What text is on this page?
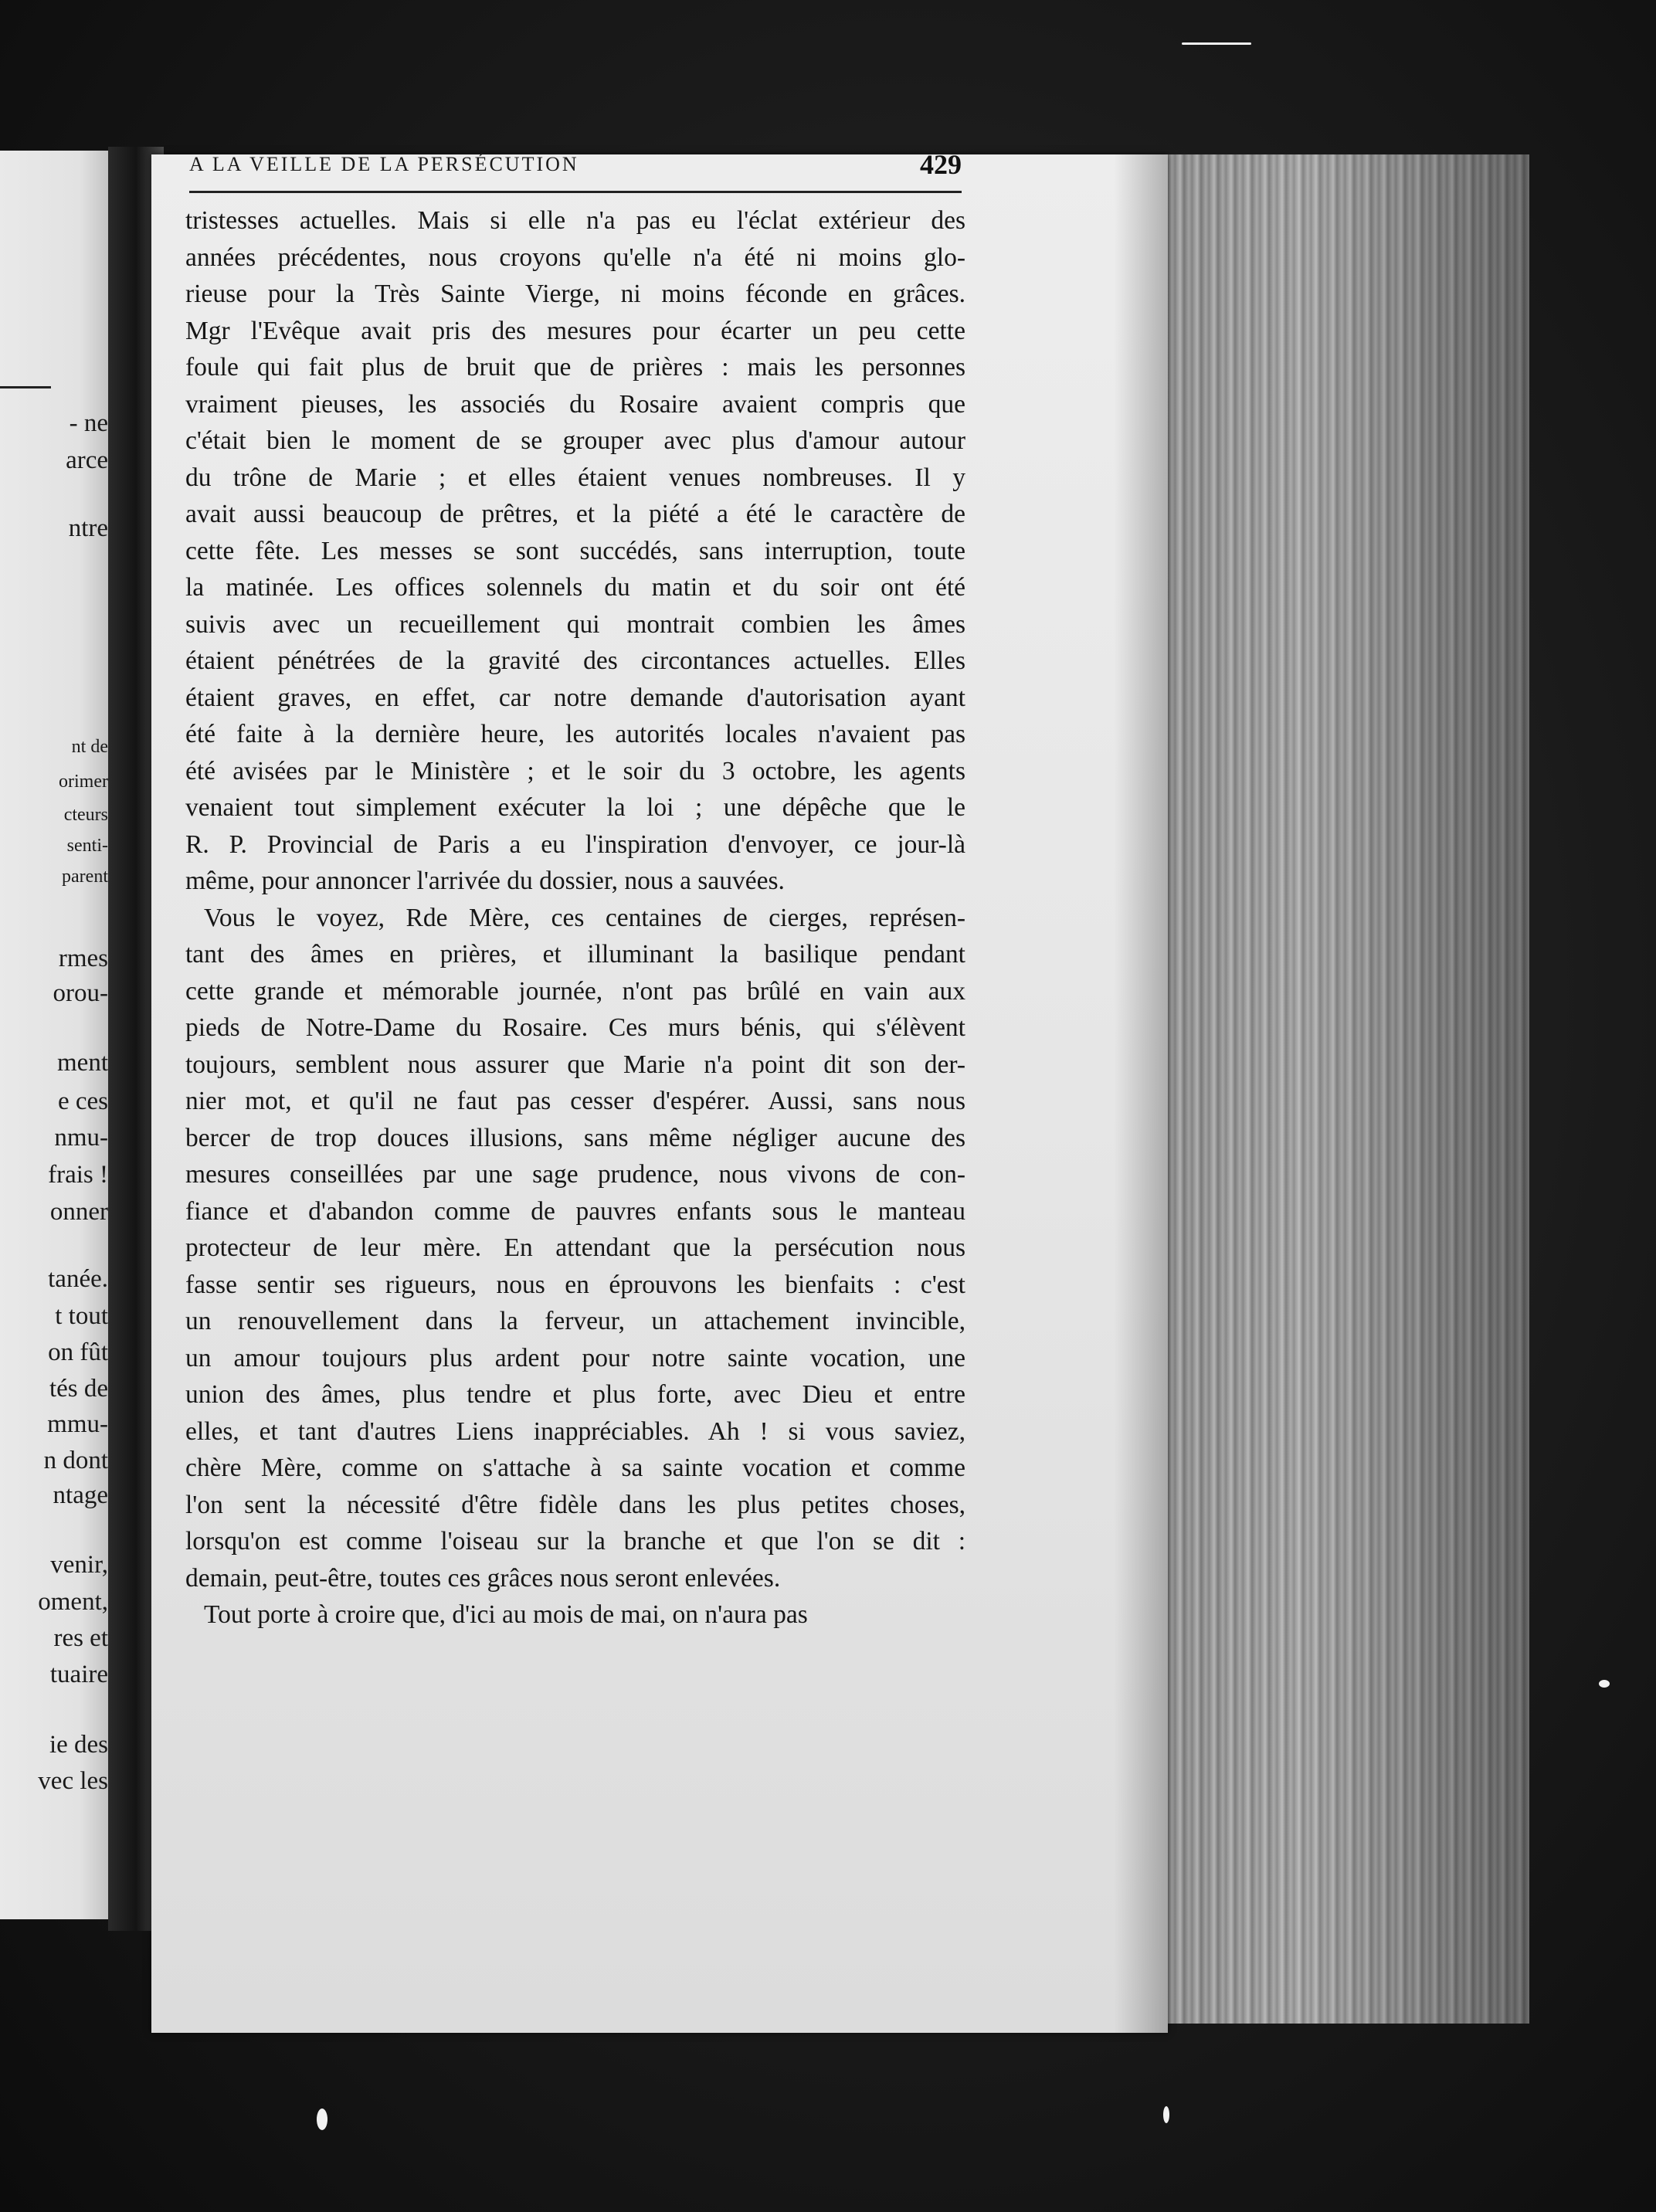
- ne
arce
ntre
nt de
orimer
cteurs
senti-
parent
rmes
orou-
ment
e ces
nmu-
frais !
onner
tanée.
t tout
on fût
tés de
mmu-
n dont
ntage
venir,
oment,
res et
tuaire
ie des
vec les
A LA VEILLE DE LA PERSÉCUTION	429
tristesses actuelles. Mais si elle n'a pas eu l'éclat extérieur des
années précédentes, nous croyons qu'elle n'a été ni moins glo-
rieuse pour la Très Sainte Vierge, ni moins féconde en grâces.
Mgr l'Evêque avait pris des mesures pour écarter un peu cette
foule qui fait plus de bruit que de prières : mais les personnes
vraiment pieuses, les associés du Rosaire avaient compris que
c'était bien le moment de se grouper avec plus d'amour autour
du trône de Marie ; et elles étaient venues nombreuses. Il y
avait aussi beaucoup de prêtres, et la piété a été le caractère de
cette fête. Les messes se sont succédés, sans interruption, toute
la matinée. Les offices solennels du matin et du soir ont été
suivis avec un recueillement qui montrait combien les âmes
étaient pénétrées de la gravité des circontances actuelles. Elles
étaient graves, en effet, car notre demande d'autorisation ayant
été faite à la dernière heure, les autorités locales n'avaient pas
été avisées par le Ministère ; et le soir du 3 octobre, les agents
venaient tout simplement exécuter la loi ; une dépêche que le
R. P. Provincial de Paris a eu l'inspiration d'envoyer, ce jour-là
même, pour annoncer l'arrivée du dossier, nous a sauvées.
Vous le voyez, Rde Mère, ces centaines de cierges, représen-
tant des âmes en prières, et illuminant la basilique pendant
cette grande et mémorable journée, n'ont pas brûlé en vain aux
pieds de Notre-Dame du Rosaire. Ces murs bénis, qui s'élèvent
toujours, semblent nous assurer que Marie n'a point dit son der-
nier mot, et qu'il ne faut pas cesser d'espérer. Aussi, sans nous
bercer de trop douces illusions, sans même négliger aucune des
mesures conseillées par une sage prudence, nous vivons de con-
fiance et d'abandon comme de pauvres enfants sous le manteau
protecteur de leur mère. En attendant que la persécution nous
fasse sentir ses rigueurs, nous en éprouvons les bienfaits : c'est
un renouvellement dans la ferveur, un attachement invincible,
un amour toujours plus ardent pour notre sainte vocation, une
union des âmes, plus tendre et plus forte, avec Dieu et entre
elles, et tant d'autres Liens inappréciables. Ah ! si vous saviez,
chère Mère, comme on s'attache à sa sainte vocation et comme
l'on sent la nécessité d'être fidèle dans les plus petites choses,
lorsqu'on est comme l'oiseau sur la branche et que l'on se dit :
demain, peut-être, toutes ces grâces nous seront enlevées.
Tout porte à croire que, d'ici au mois de mai, on n'aura pas
